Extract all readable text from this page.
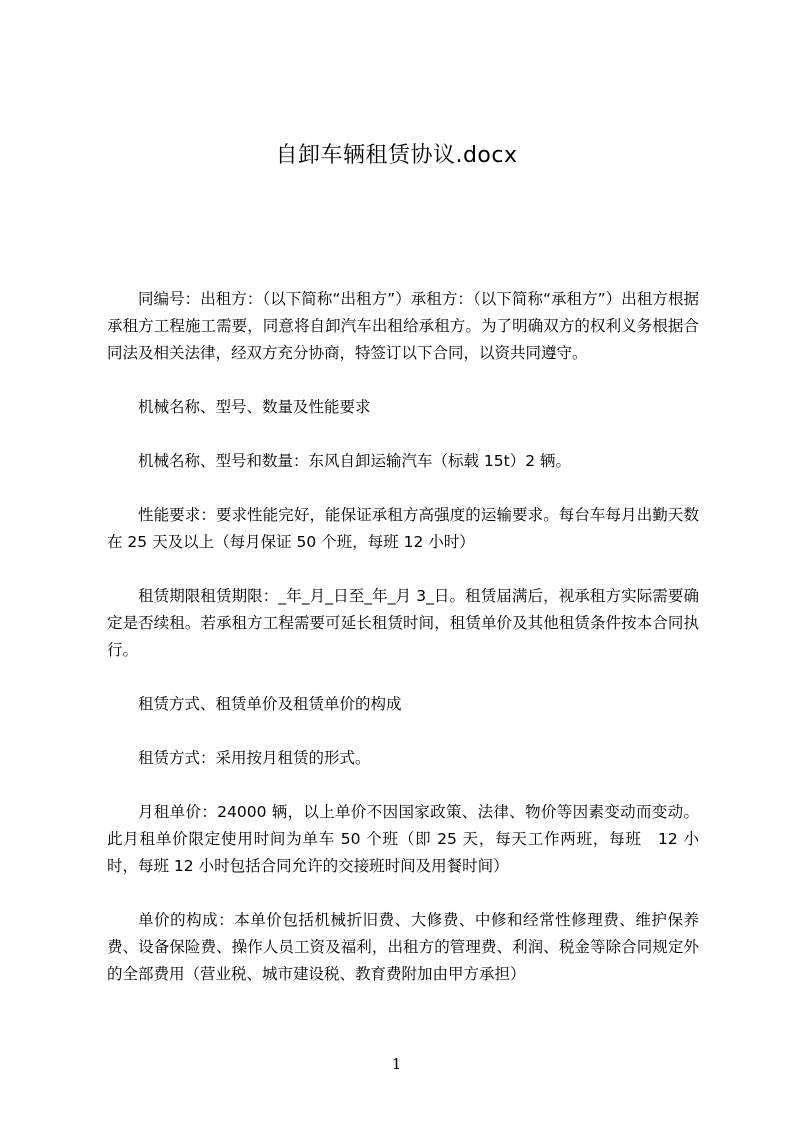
自卸车辆租赁协议.docx

同编号：出租方：（以下简称“出租方”）承租方：（以下简称“承租方”）出租方根据承租方工程施工需要，同意将自卸汽车出租给承租方。为了明确双方的权利义务根据合同法及相关法律，经双方充分协商，特签订以下合同，以资共同遵守。

机械名称、型号、数量及性能要求

机械名称、型号和数量：东风自卸运输汽车（标载 15t）2 辆。

性能要求：要求性能完好，能保证承租方高强度的运输要求。每台车每月出勤天数在 25 天及以上（每月保证 50 个班，每班 12 小时）

租赁期限租赁期限：_年_月_日至_年_月 3_日。租赁届满后，视承租方实际需要确定是否续租。若承租方工程需要可延长租赁时间，租赁单价及其他租赁条件按本合同执行。

租赁方式、租赁单价及租赁单价的构成

租赁方式：采用按月租赁的形式。

月租单价：24000 辆，以上单价不因国家政策、法律、物价等因素变动而变动。此月租单价限定使用时间为单车 50 个班（即 25 天，每天工作两班，每班　12 小时，每班 12 小时包括合同允许的交接班时间及用餐时间）

单价的构成：本单价包括机械折旧费、大修费、中修和经常性修理费、维护保养费、设备保险费、操作人员工资及福利，出租方的管理费、利润、税金等除合同规定外的全部费用（营业税、城市建设税、教育费附加由甲方承担）

1
